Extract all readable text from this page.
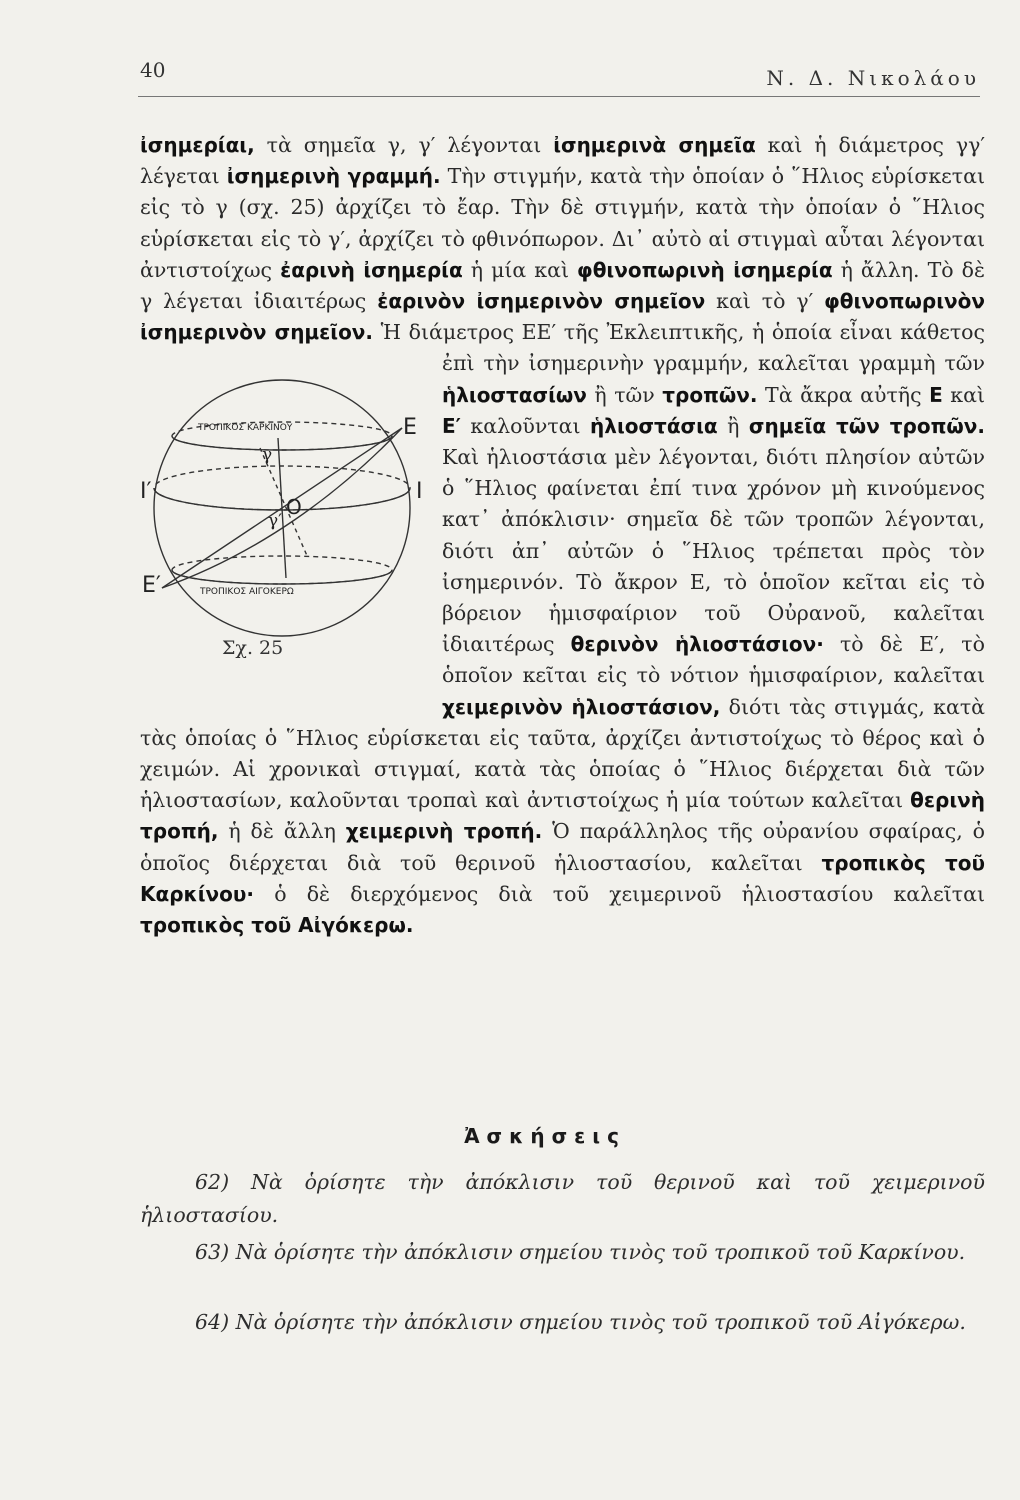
40	Ν. Δ. Νικολάου
ἰσημερίαι, τὰ σημεῖα γ, γ′ λέγονται ἰσημερινὰ σημεῖα καὶ ἡ διάμετρος γγ′ λέγεται ἰσημερινὴ γραμμή. Τὴν στιγμήν, κατὰ τὴν ὁποίαν ὁ ῞Ηλιος εὑρίσκεται εἰς τὸ γ (σχ. 25) ἀρχίζει τὸ ἔαρ. Τὴν δὲ στιγμήν, κατὰ τὴν ὁποίαν ὁ ῞Ηλιος εὑρίσκεται εἰς τὸ γ′, ἀρχίζει τὸ φθινόπωρον. Δι᾽ αὐτὸ αἱ στιγμαὶ αὗται λέγονται ἀντιστοίχως ἐαρινὴ ἰσημερία ἡ μία καὶ φθινοπωρινὴ ἰσημερία ἡ ἄλλη. Τὸ δὲ γ λέγεται ἰδιαιτέρως ἐαρινὸν ἰσημερινὸν σημεῖον καὶ τὸ γ′ φθινοπωρινὸν ἰσημερινὸν σημεῖον. Ἡ διάμετρος ΕΕ′ τῆς Ἐκλειπτικῆς, ἡ ὁποία εἶναι
E
E′
I′	I
O
γ
γ′
ΤΡΟΠΙΚΟΣ ΚΑΡΚΙΝΟΥ
ΤΡΟΠΙΚΟΣ ΑΙΓΟΚΕΡΩ
Σχ. 25
κάθετος ἐπὶ τὴν ἰσημερινὴν γραμμήν, καλεῖται γραμμὴ τῶν ἡλιοστασίων ἢ τῶν τροπῶν. Τὰ ἄκρα αὐτῆς Ε καὶ Ε′ καλοῦνται ἡλιοστάσια ἢ σημεῖα τῶν τροπῶν. Καὶ ἡλιοστάσια μὲν λέγονται, διότι πλησίον αὐτῶν ὁ ῞Ηλιος φαίνεται ἐπί τινα χρόνον μὴ κινούμενος κατ᾽ ἀπόκλισιν· σημεῖα δὲ τῶν τροπῶν λέγονται, διότι ἀπ᾽ αὐτῶν ὁ ῞Ηλιος τρέπεται πρὸς τὸν ἰσημερινόν. Τὸ ἄκρον Ε, τὸ ὁποῖον κεῖται εἰς τὸ βόρειον ἡμισφαίριον τοῦ Οὐρανοῦ, καλεῖται ἰδιαιτέρως θερινὸν ἡλιοστάσιον· τὸ δὲ Ε′, τὸ ὁποῖον κεῖται εἰς τὸ νότιον ἡμισφαίριον, καλεῖται χειμερινὸν ἡλιοστάσιον, διότι τὰς στιγμάς, κατὰ τὰς ὁποίας ὁ ῞Ηλιος εὑρίσκεται εἰς ταῦτα, ἀρχίζει ἀντιστοίχως τὸ θέρος καὶ ὁ χειμών. Αἱ χρονικαὶ στιγμαί, κατὰ τὰς ὁποίας ὁ ῞Ηλιος διέρχεται διὰ τῶν ἡλιοστασίων, καλοῦνται τροπαὶ καὶ ἀντιστοίχως ἡ μία τούτων καλεῖται θερινὴ τροπή, ἡ δὲ ἄλλη χειμερινὴ τροπή. Ὁ παράλληλος τῆς οὐρανίου σφαίρας, ὁ ὁποῖος διέρχεται διὰ τοῦ θερινοῦ ἡλιοστασίου, καλεῖται τροπικὸς τοῦ Καρκίνου· ὁ δὲ διερχόμενος διὰ τοῦ χειμερινοῦ ἡλιοστασίου καλεῖται τροπικὸς τοῦ Αἰγόκερω.
Ἀσκήσεις
62) Νὰ ὁρίσητε τὴν ἀπόκλισιν τοῦ θερινοῦ καὶ τοῦ χειμερινοῦ ἡλιοστασίου.
63) Νὰ ὁρίσητε τὴν ἀπόκλισιν σημείου τινὸς τοῦ τροπικοῦ τοῦ Καρκίνου.
64) Νὰ ὁρίσητε τὴν ἀπόκλισιν σημείου τινὸς τοῦ τροπικοῦ τοῦ Αἰγόκερω.
